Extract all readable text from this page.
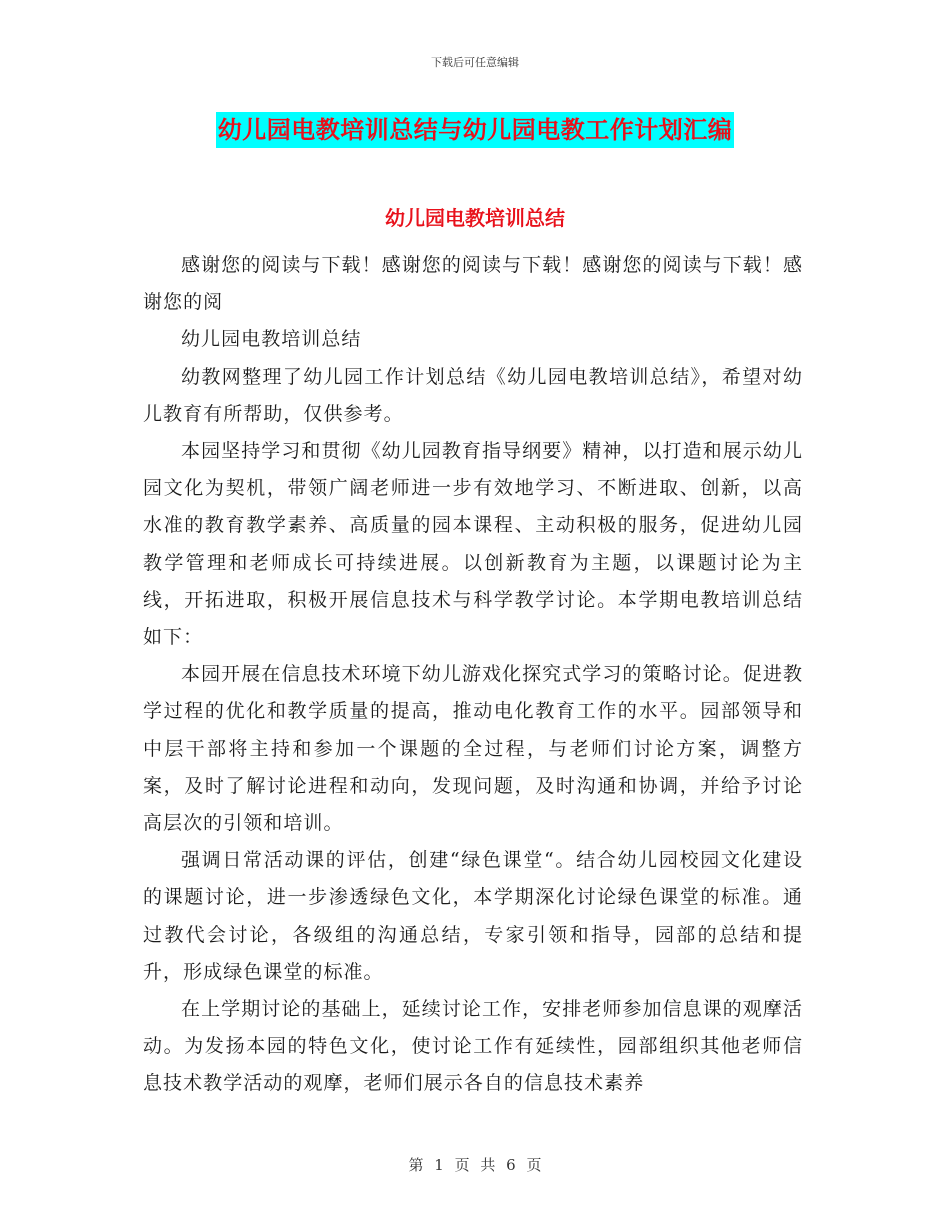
下载后可任意编辑
幼儿园电教培训总结与幼儿园电教工作计划汇编
幼儿园电教培训总结

感谢您的阅读与下载！感谢您的阅读与下载！感谢您的阅读与下载！感谢您的阅

幼儿园电教培训总结

幼教网整理了幼儿园工作计划总结《幼儿园电教培训总结》，希望对幼儿教育有所帮助，仅供参考。

本园坚持学习和贯彻《幼儿园教育指导纲要》精神，以打造和展示幼儿园文化为契机，带领广阔老师进一步有效地学习、不断进取、创新，以高水准的教育教学素养、高质量的园本课程、主动积极的服务，促进幼儿园教学管理和老师成长可持续进展。以创新教育为主题，以课题讨论为主线，开拓进取，积极开展信息技术与科学教学讨论。本学期电教培训总结如下：

本园开展在信息技术环境下幼儿游戏化探究式学习的策略讨论。促进教学过程的优化和教学质量的提高，推动电化教育工作的水平。园部领导和中层干部将主持和参加一个课题的全过程，与老师们讨论方案，调整方案，及时了解讨论进程和动向，发现问题，及时沟通和协调，并给予讨论高层次的引领和培训。

强调日常活动课的评估，创建“绿色课堂“。结合幼儿园校园文化建设的课题讨论，进一步渗透绿色文化，本学期深化讨论绿色课堂的标准。通过教代会讨论，各级组的沟通总结，专家引领和指导，园部的总结和提升，形成绿色课堂的标准。

在上学期讨论的基础上，延续讨论工作，安排老师参加信息课的观摩活动。为发扬本园的特色文化，使讨论工作有延续性，园部组织其他老师信息技术教学活动的观摩，老师们展示各自的信息技术素养

第 1 页 共 6 页
